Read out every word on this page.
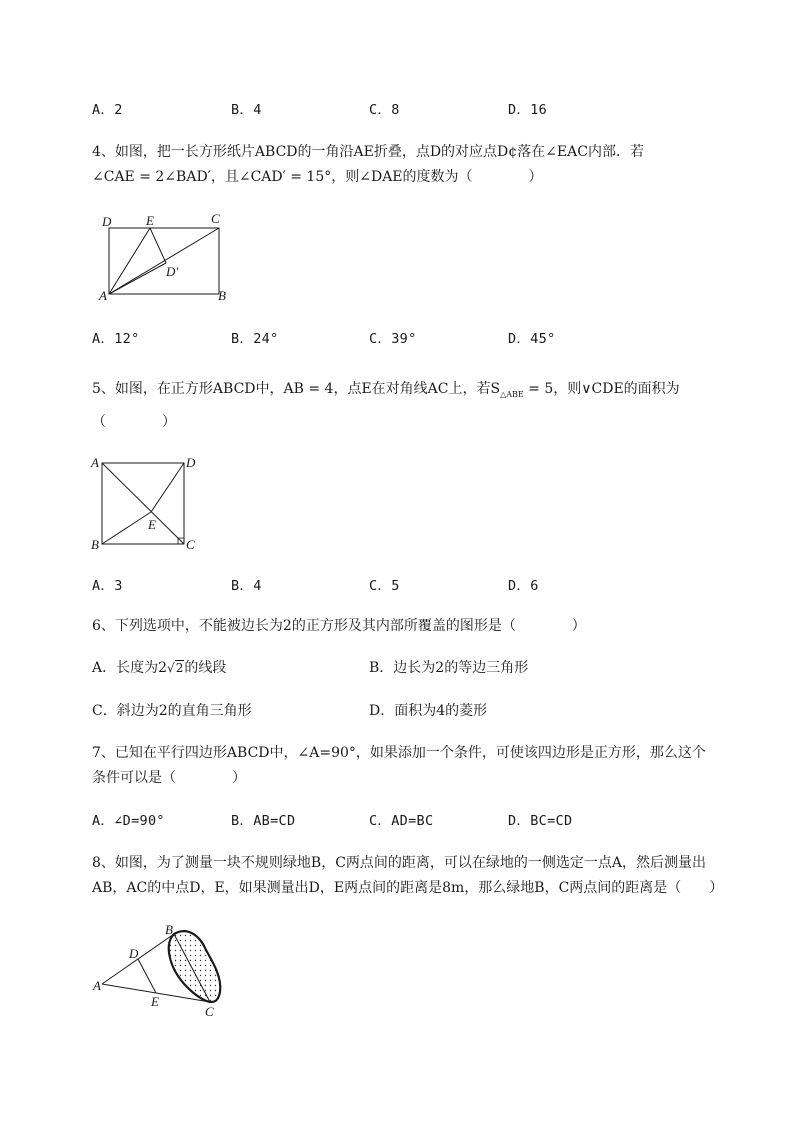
A．2	B．4	C．8	D．16
4、如图，把一长方形纸片ABCD的一角沿AE折叠，点D的对应点D¢落在∠EAC内部．若
∠CAE = 2∠BAD′，且∠CAD′ = 15°，则∠DAE的度数为（　　　　）
D	E	C
D′
A	B
A．12°	B．24°	C．39°	D．45°
5、如图，在正方形ABCD中，AB = 4，点E在对角线AC上，若$S_{\triangle ABE} = 5$，则∨CDE的面积为
（　　　　）
A	D
E
B	C
A．3	B．4	C．5	D．6
6、下列选项中，不能被边长为2的正方形及其内部所覆盖的图形是（　　　　）
A．长度为2√2的线段	B．边长为2的等边三角形
C．斜边为2的直角三角形	D．面积为4的菱形
7、已知在平行四边形ABCD中，∠A=90°，如果添加一个条件，可使该四边形是正方形，那么这个
条件可以是（　　　　）
A．∠D=90°	B．AB=CD	C．AD=BC	D．BC=CD
8、如图，为了测量一块不规则绿地B，C两点间的距离，可以在绿地的一侧选定一点A，然后测量出
AB，AC的中点D，E，如果测量出D，E两点间的距离是8m，那么绿地B，C两点间的距离是（　　）
B
D
A
E
C
